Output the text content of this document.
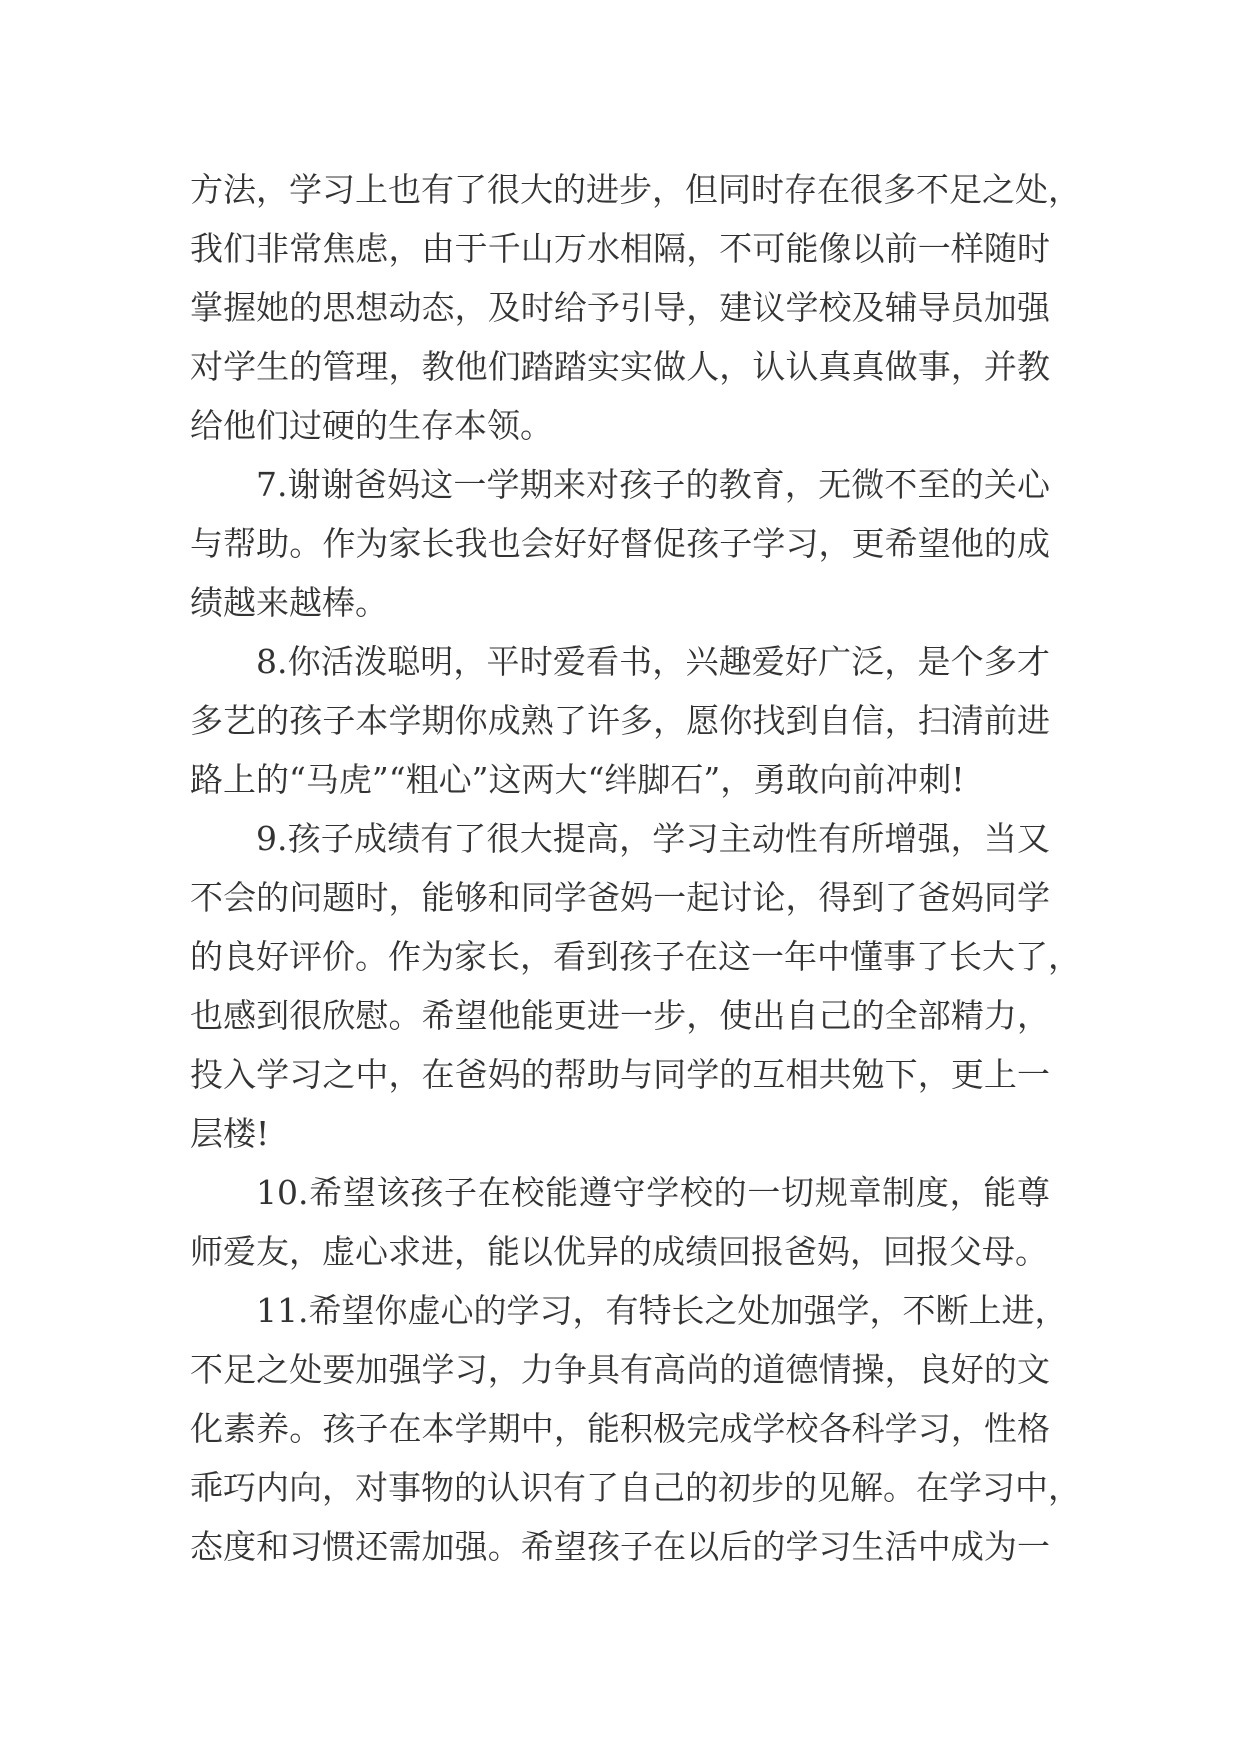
方法，学习上也有了很大的进步，但同时存在很多不足之处，
我们非常焦虑，由于千山万水相隔，不可能像以前一样随时
掌握她的思想动态，及时给予引导，建议学校及辅导员加强
对学生的管理，教他们踏踏实实做人，认认真真做事，并教
给他们过硬的生存本领。
7.谢谢爸妈这一学期来对孩子的教育，无微不至的关心
与帮助。作为家长我也会好好督促孩子学习，更希望他的成
绩越来越棒。
8.你活泼聪明，平时爱看书，兴趣爱好广泛，是个多才
多艺的孩子本学期你成熟了许多，愿你找到自信，扫清前进
路上的“马虎”“粗心”这两大“绊脚石”，勇敢向前冲刺!
9.孩子成绩有了很大提高，学习主动性有所增强，当又
不会的问题时，能够和同学爸妈一起讨论，得到了爸妈同学
的良好评价。作为家长，看到孩子在这一年中懂事了长大了，
也感到很欣慰。希望他能更进一步，使出自己的全部精力，
投入学习之中，在爸妈的帮助与同学的互相共勉下，更上一
层楼!
10.希望该孩子在校能遵守学校的一切规章制度，能尊
师爱友，虚心求进，能以优异的成绩回报爸妈，回报父母。
11.希望你虚心的学习，有特长之处加强学，不断上进，
不足之处要加强学习，力争具有高尚的道德情操，良好的文
化素养。孩子在本学期中，能积极完成学校各科学习，性格
乖巧内向，对事物的认识有了自己的初步的见解。在学习中，
态度和习惯还需加强。希望孩子在以后的学习生活中成为一
